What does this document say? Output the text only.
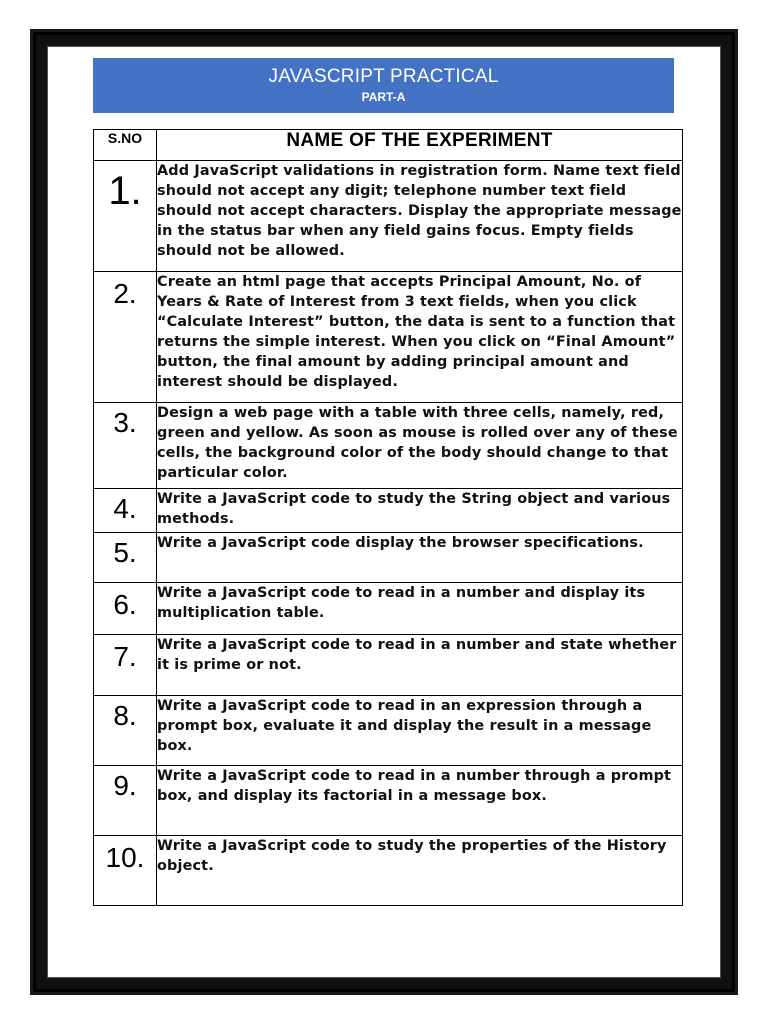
JAVASCRIPT PRACTICAL
PART-A
S.NO	NAME OF THE EXPERIMENT
1.	Add JavaScript validations in registration form. Name text field should not accept any digit; telephone number text field should not accept characters. Display the appropriate message in the status bar when any field gains focus. Empty fields should not be allowed.
2.	Create an html page that accepts Principal Amount, No. of Years & Rate of Interest from 3 text fields, when you click “Calculate Interest” button, the data is sent to a function that returns the simple interest. When you click on “Final Amount” button, the final amount by adding principal amount and interest should be displayed.
3.	Design a web page with a table with three cells, namely, red, green and yellow. As soon as mouse is rolled over any of these cells, the background color of the body should change to that particular color.
4.	Write a JavaScript code to study the String object and various methods.
5.	Write a JavaScript code display the browser specifications.
6.	Write a JavaScript code to read in a number and display its multiplication table.
7.	Write a JavaScript code to read in a number and state whether it is prime or not.
8.	Write a JavaScript code to read in an expression through a prompt box, evaluate it and display the result in a message box.
9.	Write a JavaScript code to read in a number through a prompt box, and display its factorial in a message box.
10.	Write a JavaScript code to study the properties of the History object.
